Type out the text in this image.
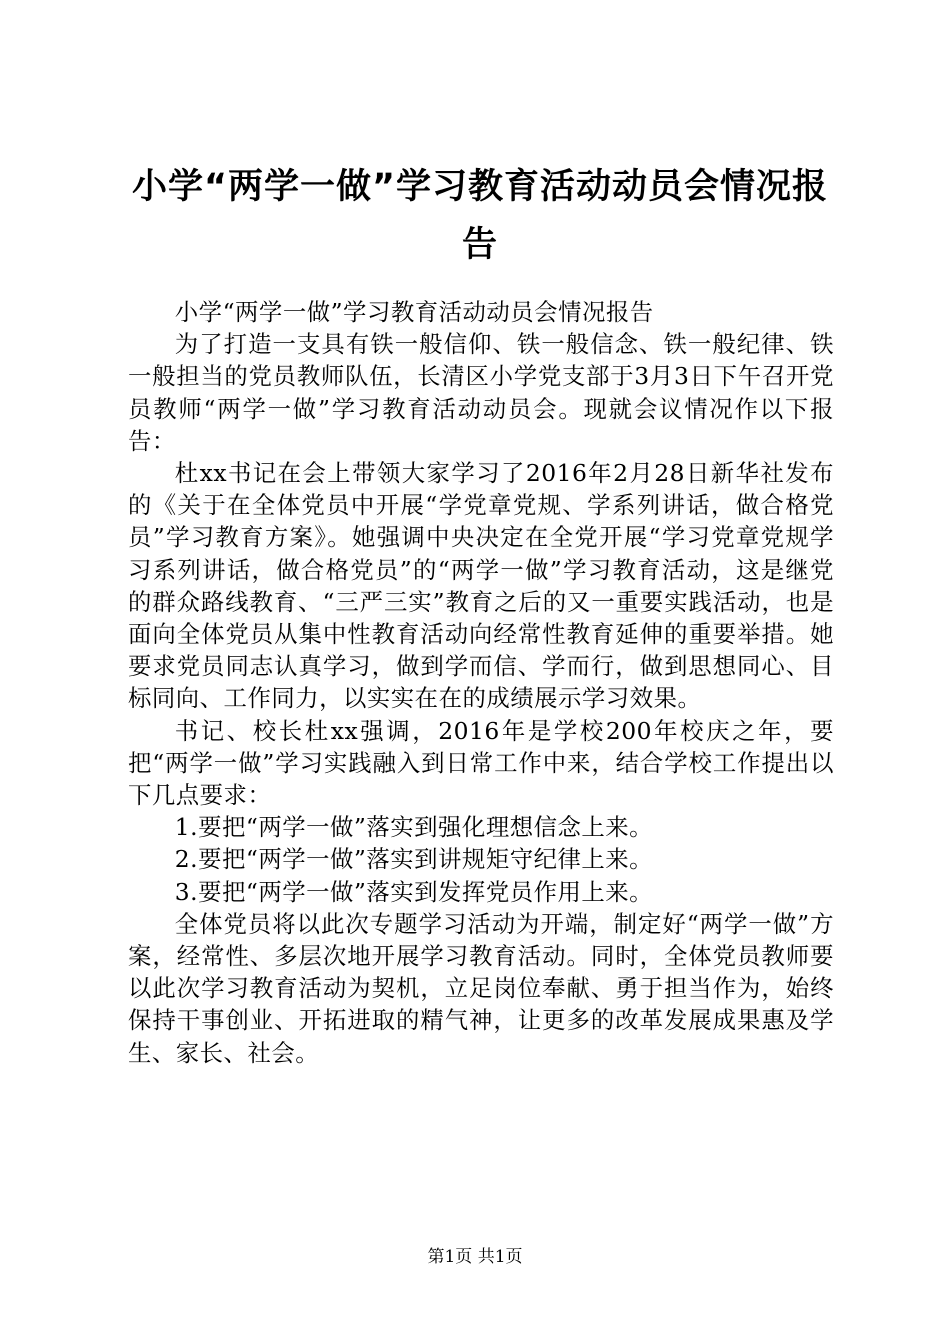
小学“两学一做”学习教育活动动员会情况报告

小学“两学一做”学习教育活动动员会情况报告

为了打造一支具有铁一般信仰、铁一般信念、铁一般纪律、铁一般担当的党员教师队伍，长清区小学党支部于3月3日下午召开党员教师“两学一做”学习教育活动动员会。现就会议情况作以下报告：

杜xx书记在会上带领大家学习了2016年2月28日新华社发布的《关于在全体党员中开展“学党章党规、学系列讲话，做合格党员”学习教育方案》。她强调中央决定在全党开展“学习党章党规学习系列讲话，做合格党员”的“两学一做”学习教育活动，这是继党的群众路线教育、“三严三实”教育之后的又一重要实践活动，也是面向全体党员从集中性教育活动向经常性教育延伸的重要举措。她要求党员同志认真学习，做到学而信、学而行，做到思想同心、目标同向、工作同力，以实实在在的成绩展示学习效果。

书记、校长杜xx强调，2016年是学校200年校庆之年，要把“两学一做”学习实践融入到日常工作中来，结合学校工作提出以下几点要求：

1.要把“两学一做”落实到强化理想信念上来。

2.要把“两学一做”落实到讲规矩守纪律上来。

3.要把“两学一做”落实到发挥党员作用上来。

全体党员将以此次专题学习活动为开端，制定好“两学一做”方案，经常性、多层次地开展学习教育活动。同时，全体党员教师要以此次学习教育活动为契机，立足岗位奉献、勇于担当作为，始终保持干事创业、开拓进取的精气神，让更多的改革发展成果惠及学生、家长、社会。

第1页 共1页
